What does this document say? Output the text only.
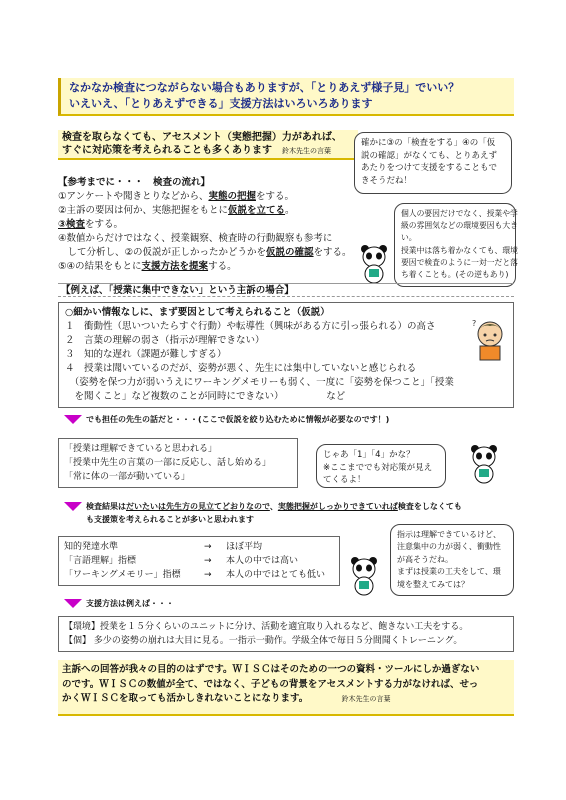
なかなか検査につながらない場合もありますが、「とりあえず様子見」でいい？
いえいえ、「とりあえずできる」支援方法はいろいろあります
検査を取らなくても、アセスメント（実態把握）力があれば、
すぐに対応策を考えられることも多くあります　 鈴木先生の言葉
【参考までに・・・　検査の流れ】
①アンケートや聞きとりなどから、実態の把握をする。
②主訴の要因は何か、実態把握をもとに仮説を立てる。
③検査をする。
④数値からだけではなく、授業観察、検査時の行動観察も参考に
　して分析し、②の仮説が正しかったかどうかを仮説の確認をする。
⑤④の結果をもとに支援方法を提案する。
確かに③の「検査をする」④の「仮
説の確認」がなくても、とりあえず
あたりをつけて支援をすることもで
きそうだね！
個人の要因だけでなく、授業や学
級の雰囲気などの環境要因も大き
い。
授業中は落ち着かなくても、環境
要因で検査のように一対一だと落
ち着くことも。(その逆もあり)
【例えば、「授業に集中できない」という主訴の場合】
○細かい情報なしに、まず要因として考えられること（仮説）
１　衝動性（思いついたらすぐ行動）や転導性（興味がある方に引っ張られる）の高さ
２　言葉の理解の弱さ（指示が理解できない）
３　知的な遅れ（課題が難しすぎる）
４　授業は聞いているのだが、姿勢が悪く、先生には集中していないと感じられる
　（姿勢を保つ力が弱いうえにワーキングメモリーも弱く、一度に「姿勢を保つこと」「授業
　を聞くこと」など複数のことが同時にできない）　　　　　など
?
でも担任の先生の話だと・・・(ここで仮説を絞り込むために情報が必要なのです！)
「授業は理解できていると思われる」
「授業中先生の言葉の一部に反応し、話し始める」
「常に体の一部が動いている」
じゃあ「1」「4」かな？
※ここまででも対応策が見え
てくるよ！
検査結果はだいたいは先生方の見立てどおりなので、実態把握がしっかりできていれば検査をしなくても
も支援策を考えられることが多いと思われます
知的発達水準	→ ほぼ平均
「言語理解」指標	→ 本人の中では高い
「ワーキングメモリー」指標	→ 本人の中ではとても低い
指示は理解できているけど、
注意集中の力が弱く、衝動性
が高そうだね。
まずは授業の工夫をして、環
境を整えてみては？
支援方法は例えば・・・
【環境】授業を１５分くらいのユニットに分け、活動を適宜取り入れるなど、飽きない工夫をする。
【個】 多少の姿勢の崩れは大目に見る。一指示一動作。学級全体で毎日５分間聞くトレーニング。
主訴への回答が我々の目的のはずです。ＷＩＳＣはそのための一つの資料・ツールにしか過ぎない
のです。ＷＩＳＣの数値が全て、ではなく、子どもの背景をアセスメントする力がなければ、せっ
かくＷＩＳＣを取っても活かしきれないことになります。　　　　	鈴木先生の言葉
